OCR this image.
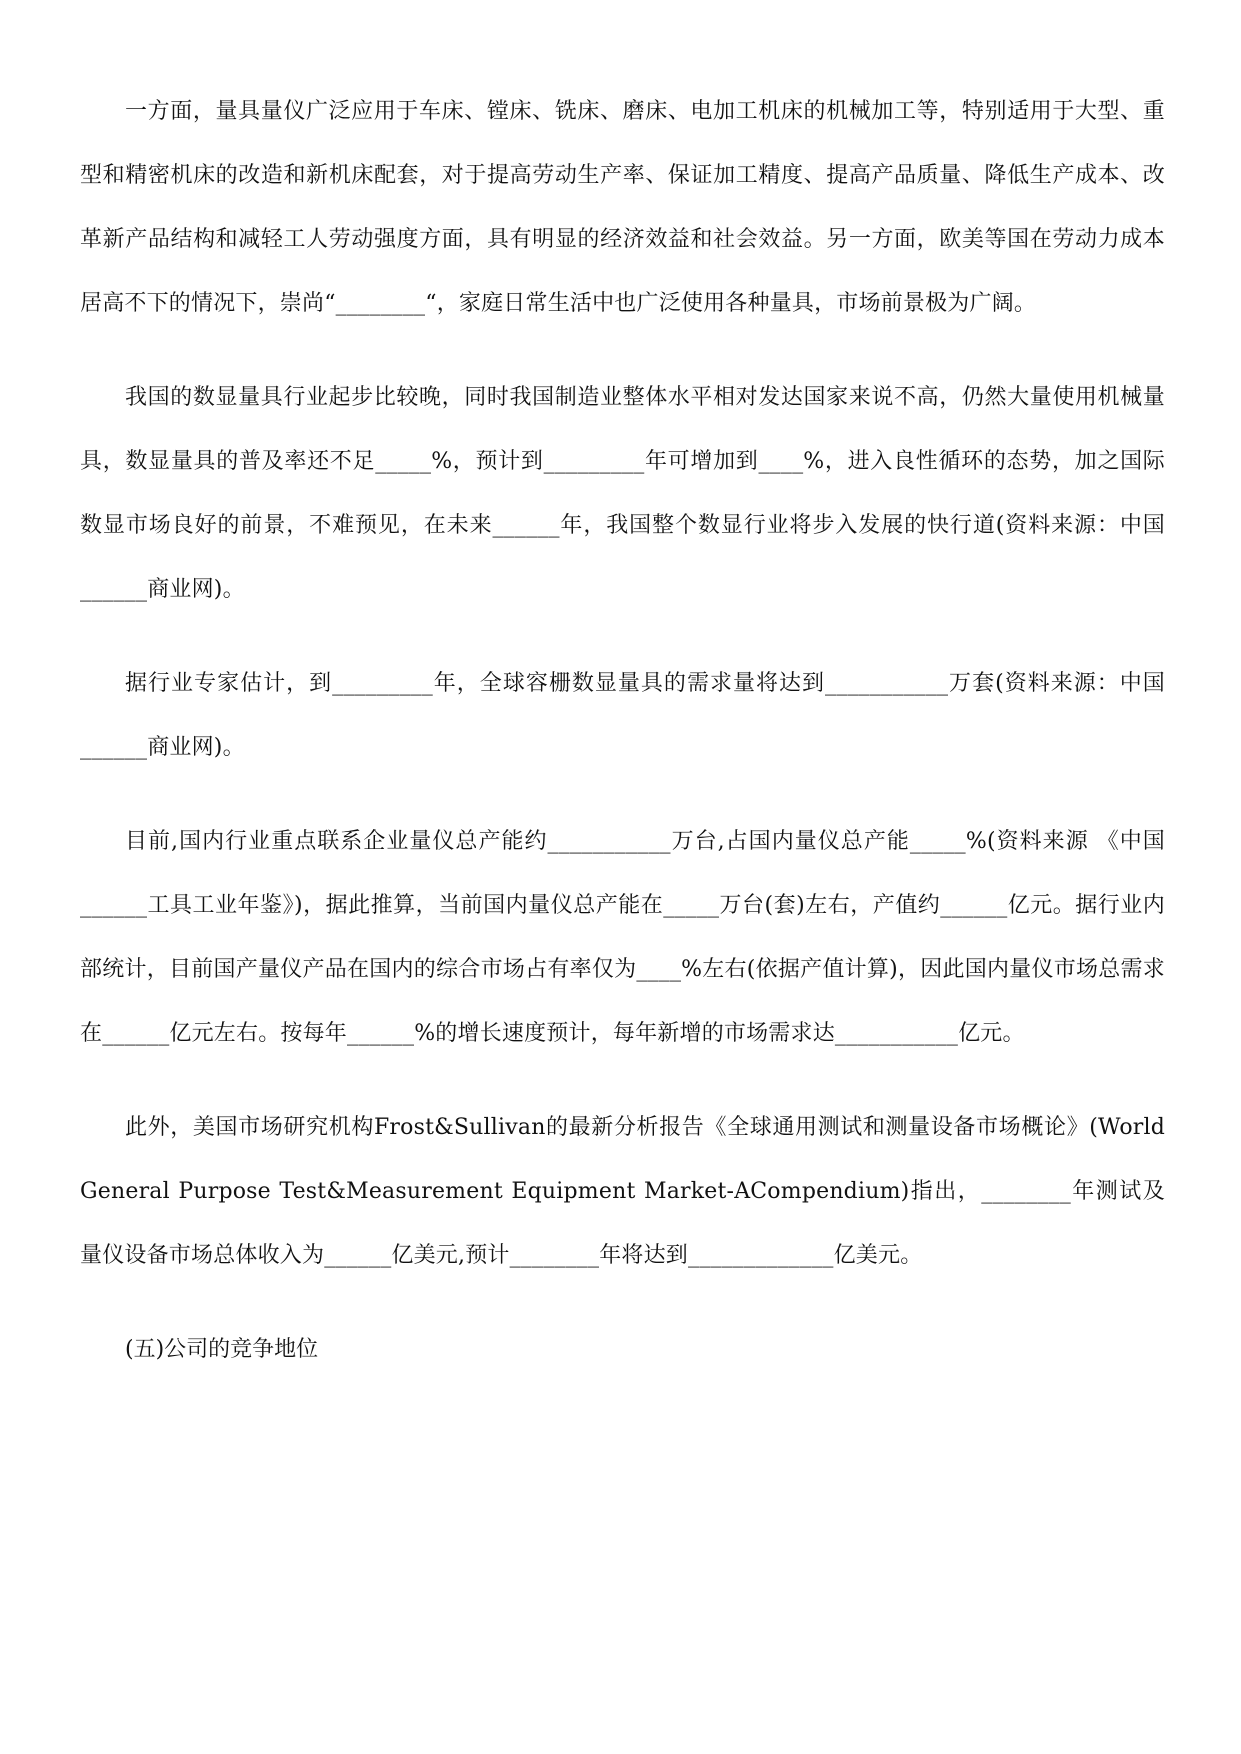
一方面，量具量仪广泛应用于车床、镗床、铣床、磨床、电加工机床的机械加工等，特别适用于大型、重型和精密机床的改造和新机床配套，对于提高劳动生产率、保证加工精度、提高产品质量、降低生产成本、改革新产品结构和减轻工人劳动强度方面，具有明显的经济效益和社会效益。另一方面，欧美等国在劳动力成本居高不下的情况下，崇尚“________“，家庭日常生活中也广泛使用各种量具，市场前景极为广阔。

我国的数显量具行业起步比较晚，同时我国制造业整体水平相对发达国家来说不高，仍然大量使用机械量具，数显量具的普及率还不足_____%，预计到_________年可增加到____%，进入良性循环的态势，加之国际数显市场良好的前景，不难预见，在未来______年，我国整个数显行业将步入发展的快行道(资料来源：中国______商业网)。

据行业专家估计，到_________年，全球容栅数显量具的需求量将达到___________万套(资料来源：中国______商业网)。

目前,国内行业重点联系企业量仪总产能约___________万台,占国内量仪总产能_____%(资料来源 《中国______工具工业年鉴》)，据此推算，当前国内量仪总产能在_____万台(套)左右，产值约______亿元。据行业内部统计，目前国产量仪产品在国内的综合市场占有率仅为____%左右(依据产值计算)，因此国内量仪市场总需求在______亿元左右。按每年______%的增长速度预计，每年新增的市场需求达___________亿元。

此外，美国市场研究机构Frost&Sullivan的最新分析报告《全球通用测试和测量设备市场概论》(World General Purpose Test&Measurement Equipment Market-ACompendium)指出，________年测试及量仪设备市场总体收入为______亿美元,预计________年将达到_____________亿美元。

(五)公司的竞争地位
